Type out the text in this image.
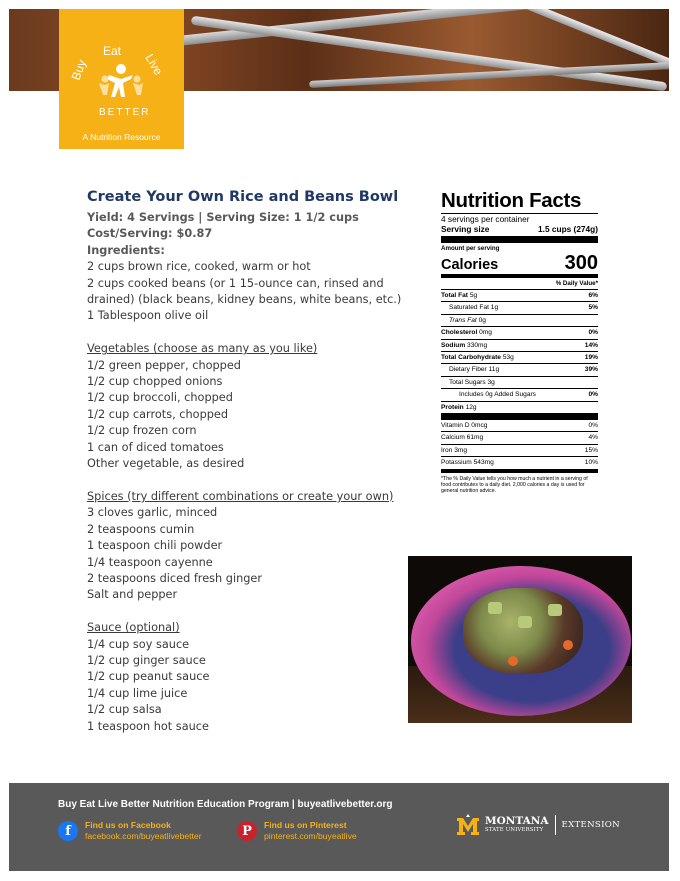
Buy
Eat
Live
BETTER
A Nutrition Resource
Create Your Own Rice and Beans Bowl

Yield: 4 Servings | Serving Size: 1 1/2 cups

Cost/Serving: $0.87

Ingredients:

2 cups brown rice, cooked, warm or hot

2 cups cooked beans (or 1 15-ounce can, rinsed and drained) (black beans, kidney beans, white beans, etc.)

1 Tablespoon olive oil

Vegetables (choose as many as you like)

1/2 green pepper, chopped

1/2 cup chopped onions

1/2 cup broccoli, chopped

1/2 cup carrots, chopped

1/2 cup frozen corn

1 can of diced tomatoes

Other vegetable, as desired

Spices (try different combinations or create your own)

3 cloves garlic, minced

2 teaspoons cumin

1 teaspoon chili powder

1/4 teaspoon cayenne

2 teaspoons diced fresh ginger

Salt and pepper

Sauce (optional)

1/4 cup soy sauce

1/2 cup ginger sauce

1/2 cup peanut sauce

1/4 cup lime juice

1/2 cup salsa

1 teaspoon hot sauce

Nutrition Facts
4 servings per container
Serving size	1.5 cups (274g)
Amount per serving
Calories	300
% Daily Value*
Total Fat 5g	6%
Saturated Fat 1g	5%
Trans Fat 0g
Cholesterol 0mg	0%
Sodium 330mg	14%
Total Carbohydrate 53g	19%
Dietary Fiber 11g	39%
Total Sugars 3g
Includes 0g Added Sugars	0%
Protein 12g
Vitamin D 0mcg	0%
Calcium 61mg	4%
Iron 3mg	15%
Potassium 543mg	10%
*The % Daily Value tells you how much a nutrient in a serving of food contributes to a daily diet. 2,000 calories a day is used for general nutrition advice.
Buy Eat Live Better Nutrition Education Program | buyeatlivebetter.org
f	Find us on Facebook
facebook.com/buyeatlivebetter	P	Find us on Pinterest
pinterest.com/buyeatlive
MONTANA
STATE UNIVERSITY	EXTENSION
